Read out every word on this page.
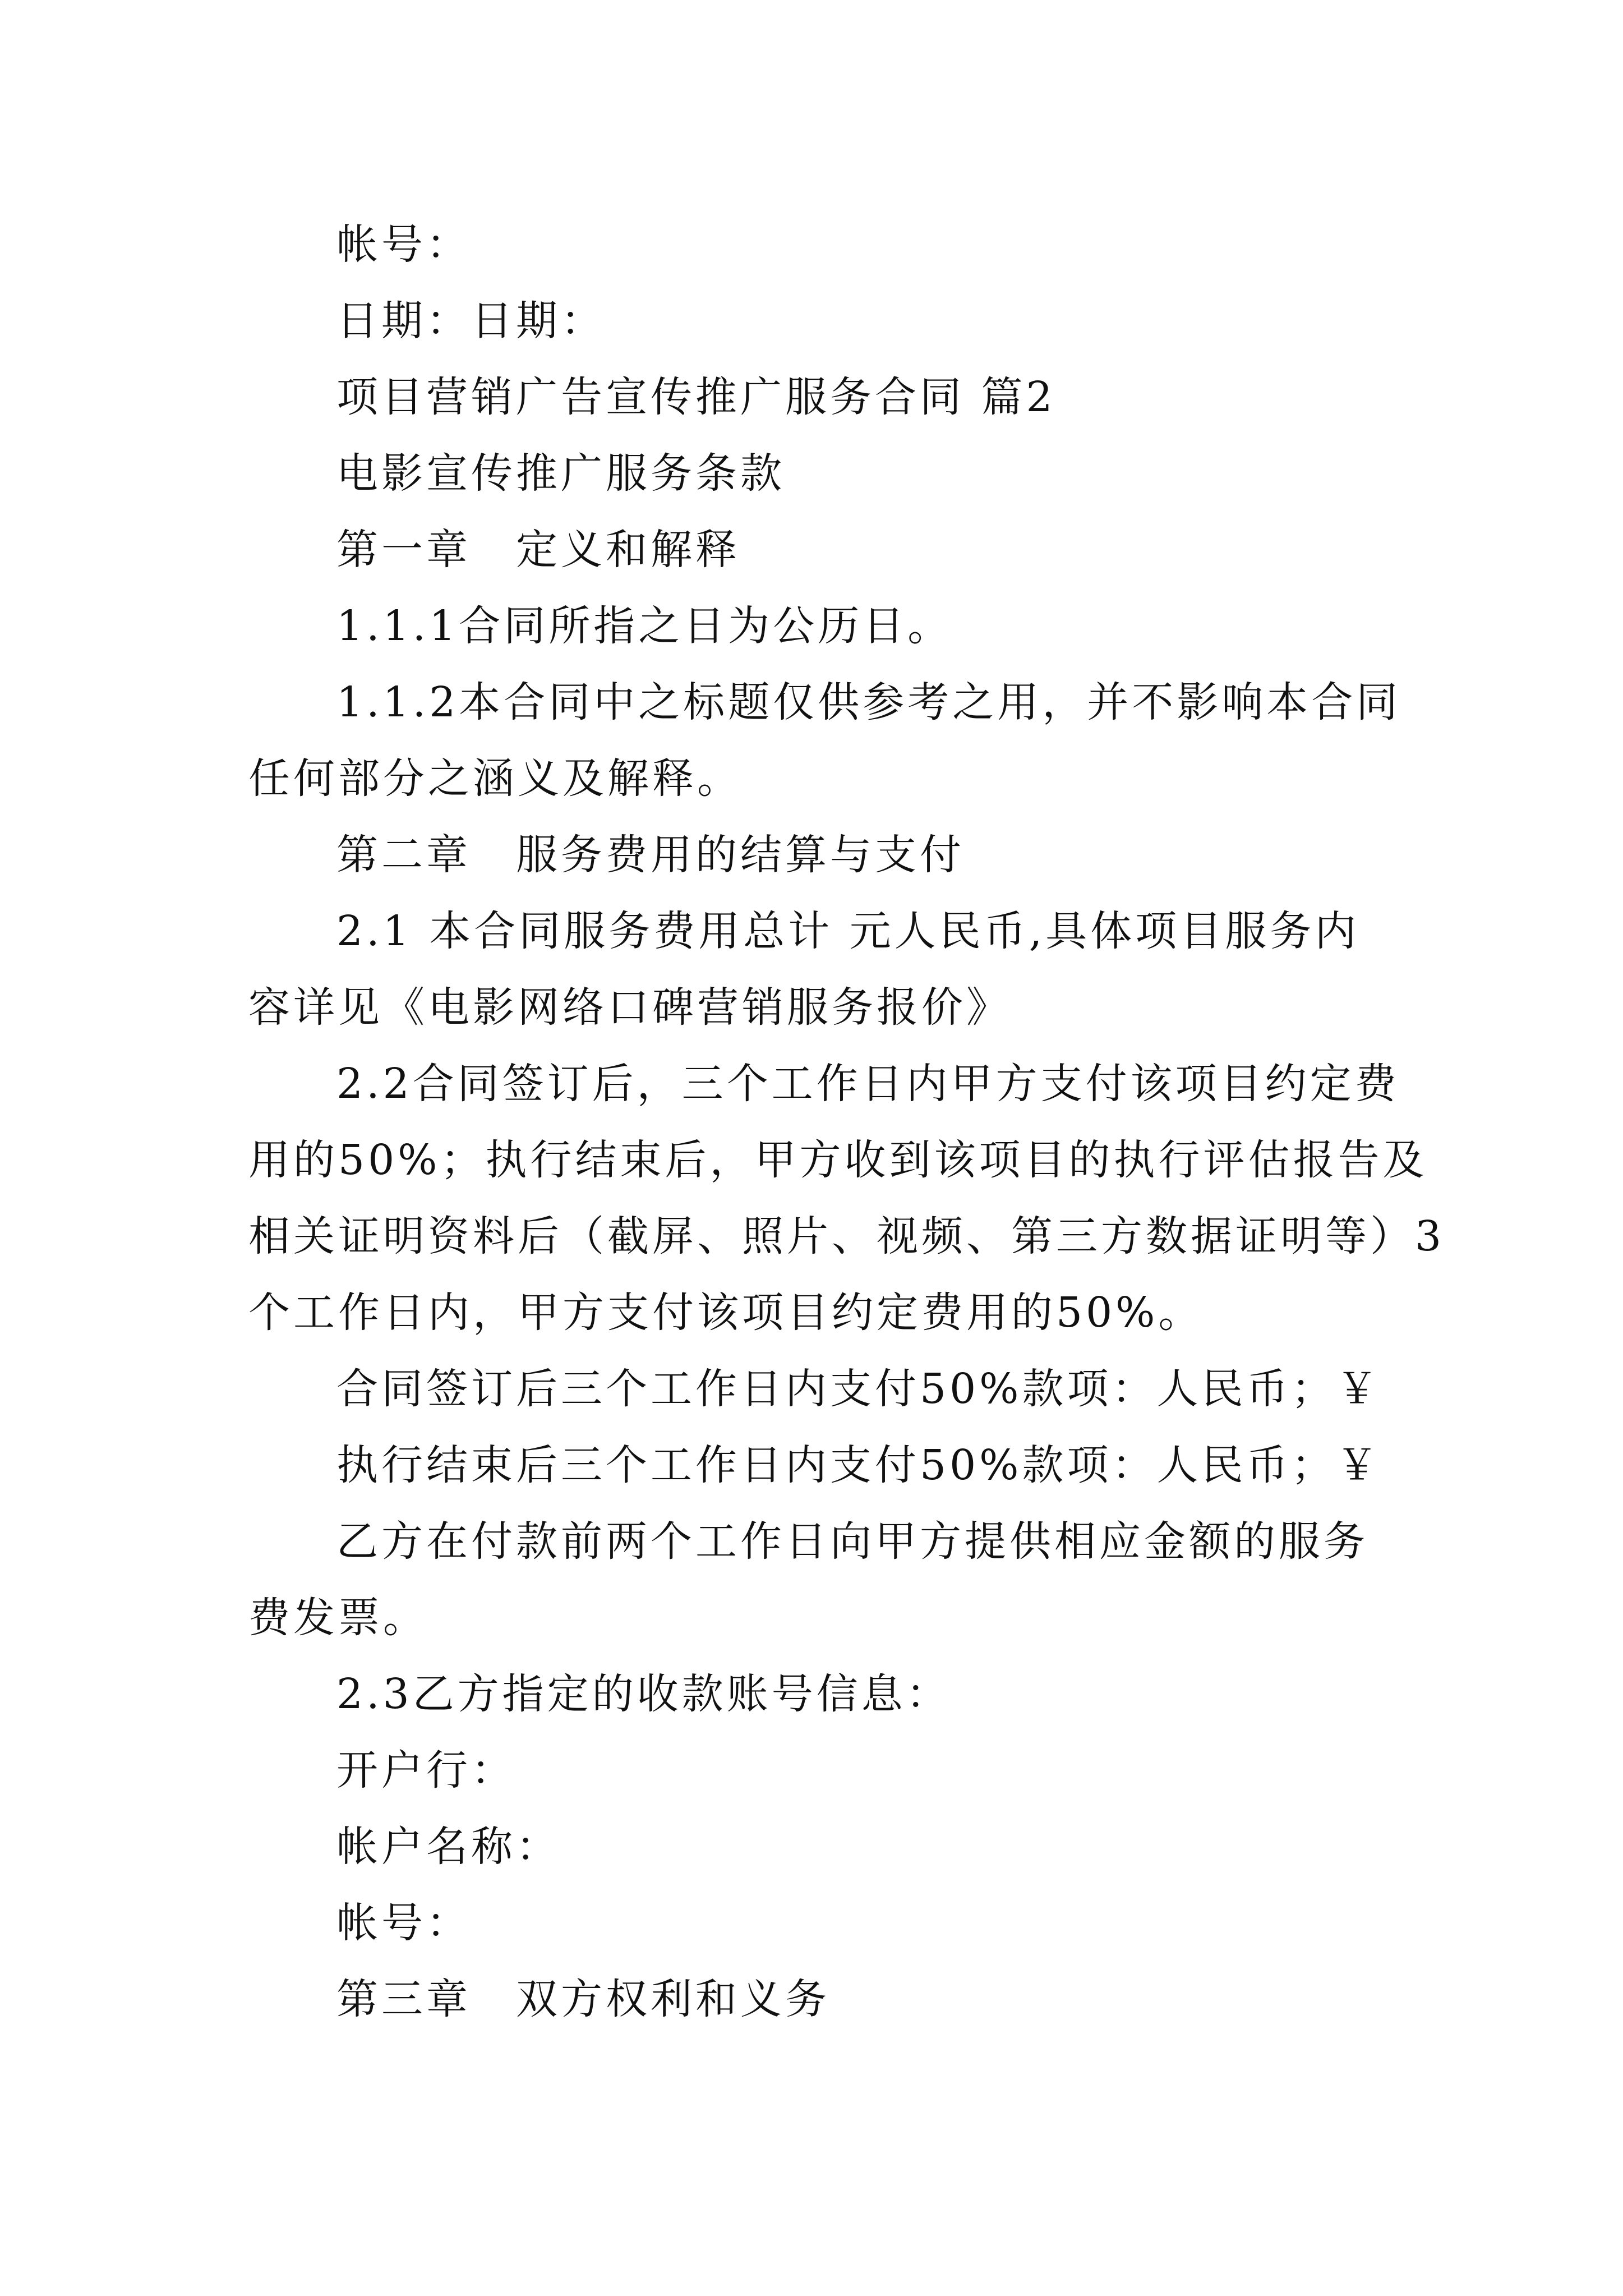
帐号：
日期：日期：
项目营销广告宣传推广服务合同 篇2
电影宣传推广服务条款
第一章　定义和解释
1.1.1合同所指之日为公历日。
1.1.2本合同中之标题仅供参考之用，并不影响本合同
任何部分之涵义及解释。
第二章　服务费用的结算与支付
2.1 本合同服务费用总计 元人民币,具体项目服务内
容详见《电影网络口碑营销服务报价》
2.2合同签订后，三个工作日内甲方支付该项目约定费
用的50%；执行结束后，甲方收到该项目的执行评估报告及
相关证明资料后（截屏、照片、视频、第三方数据证明等）3
个工作日内，甲方支付该项目约定费用的50%。
合同签订后三个工作日内支付50%款项：人民币；￥
执行结束后三个工作日内支付50%款项：人民币；￥
乙方在付款前两个工作日向甲方提供相应金额的服务
费发票。
2.3乙方指定的收款账号信息：
开户行：
帐户名称：
帐号：
第三章　双方权利和义务
